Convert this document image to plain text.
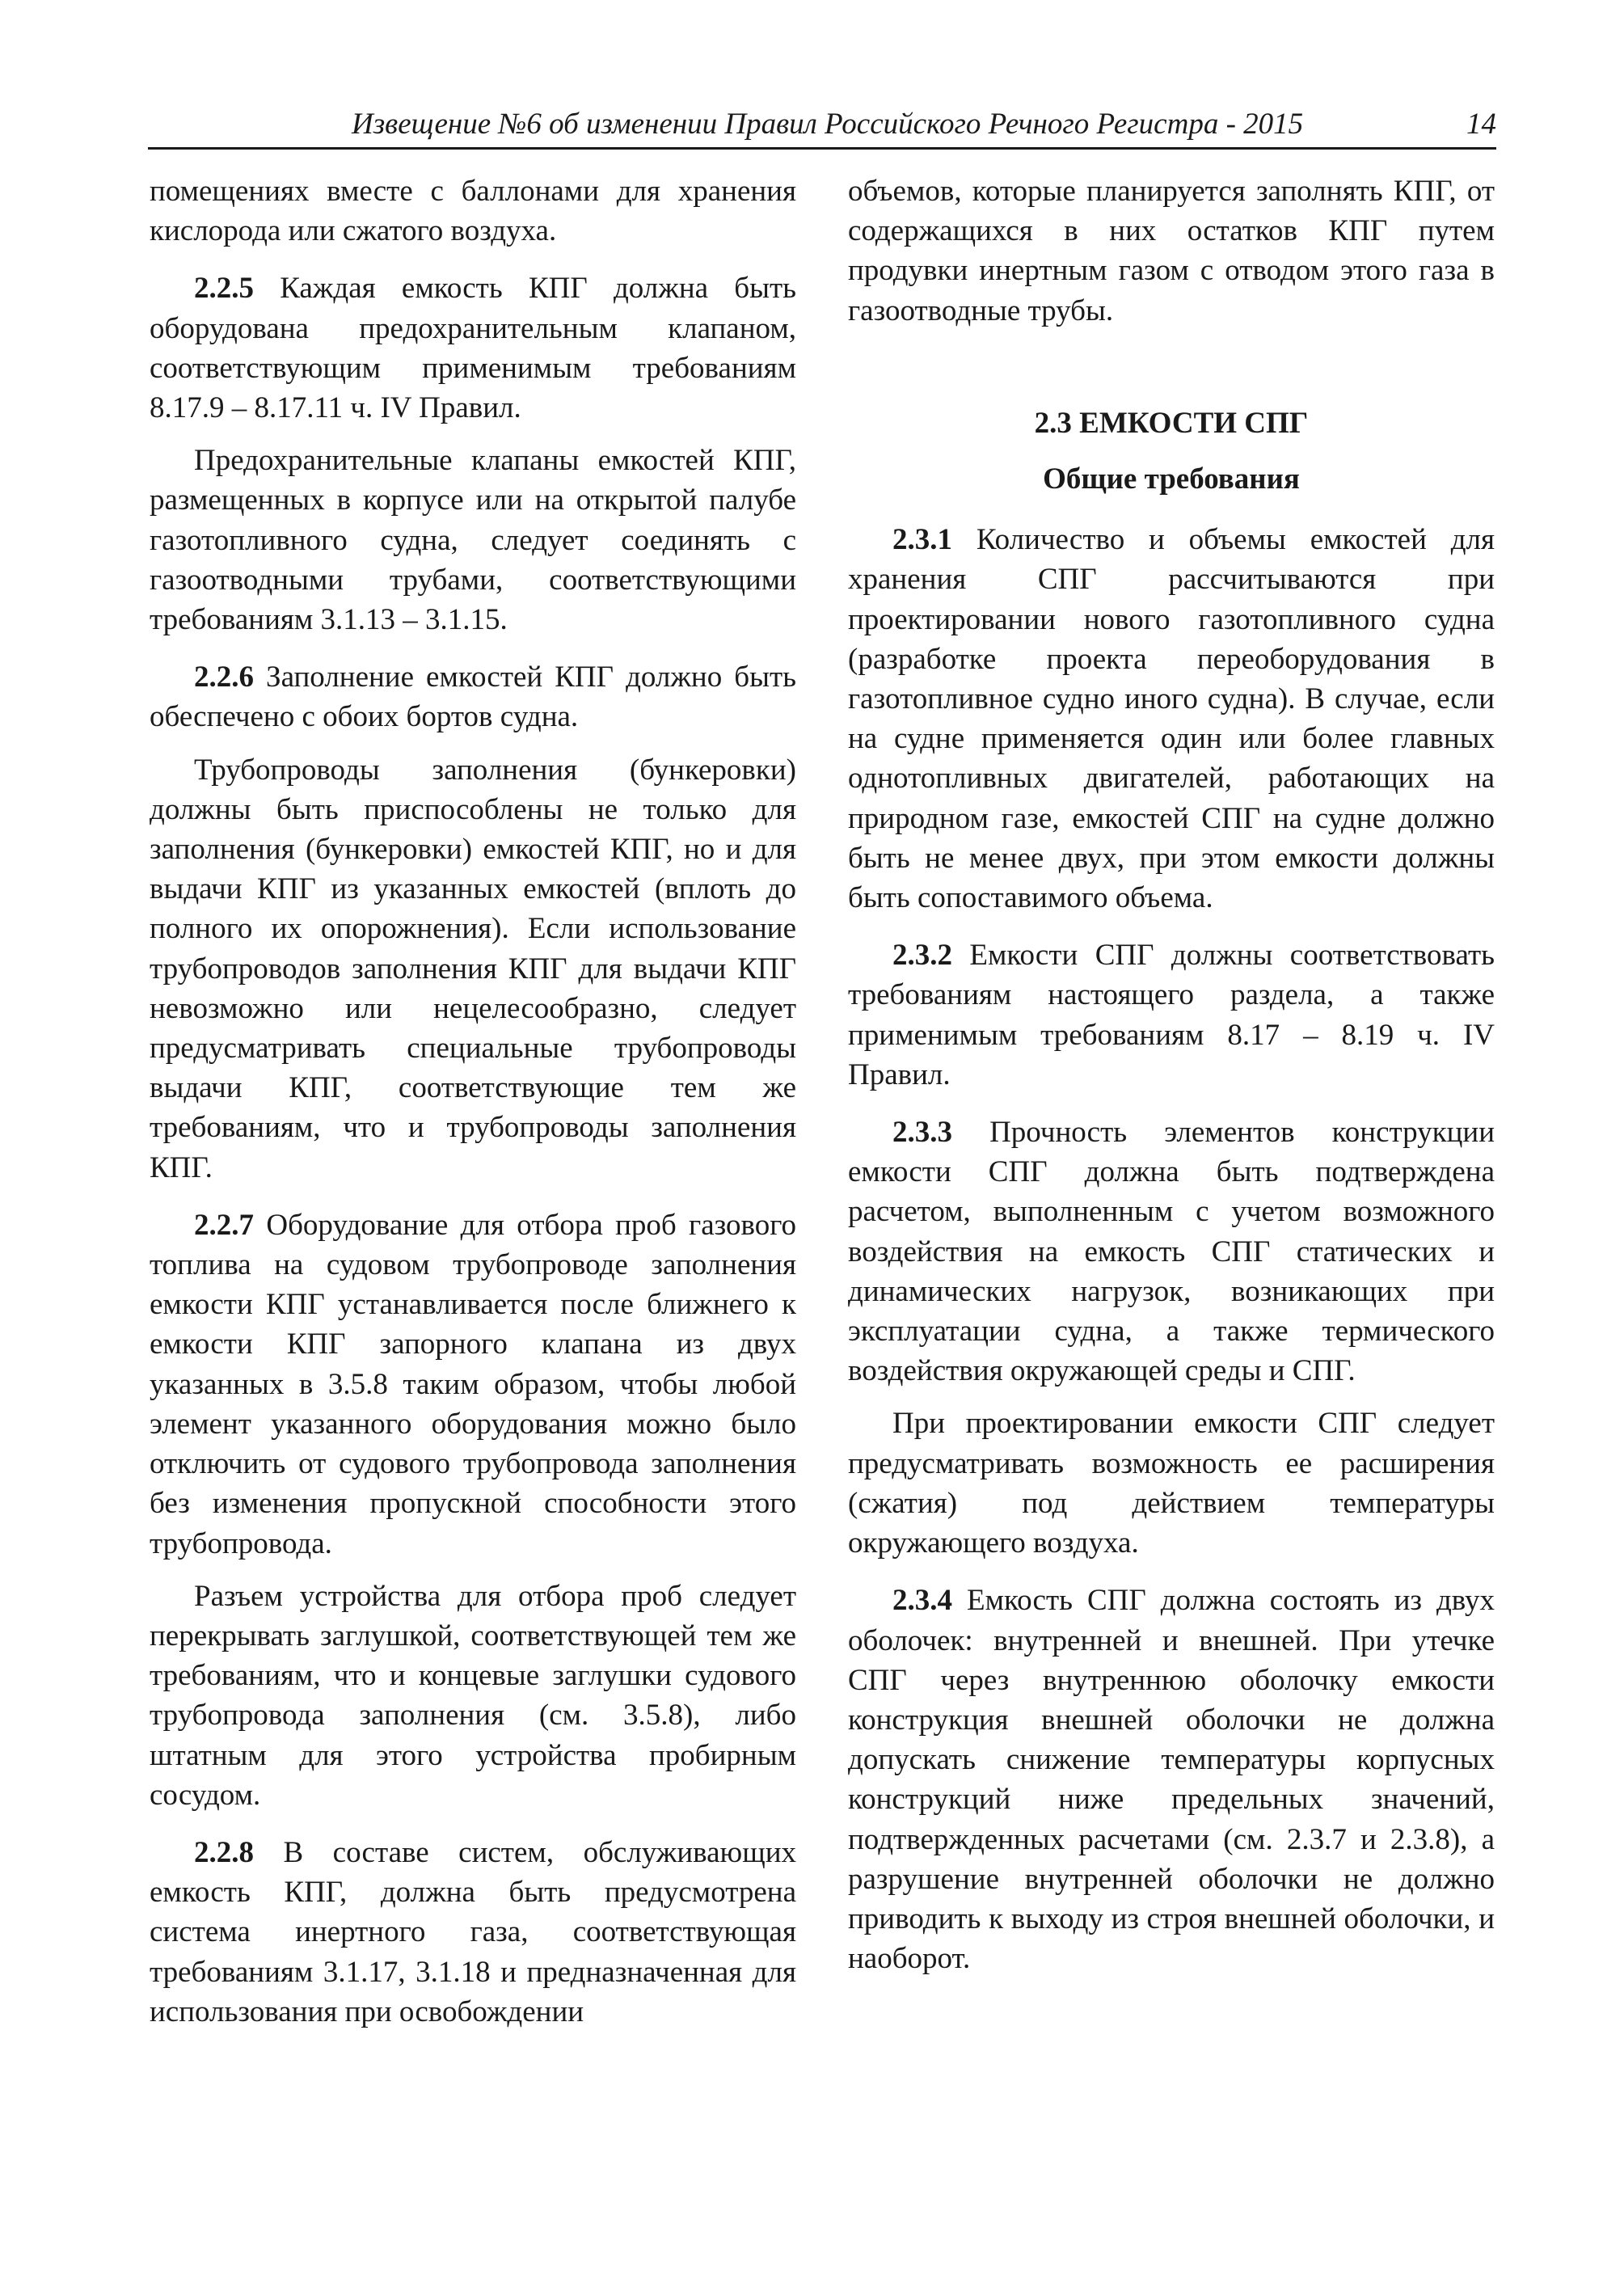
Извещение №6 об изменении Правил Российского Речного Регистра - 2015	14

помещениях вместе с баллонами для хранения кислорода или сжатого воздуха.

2.2.5 Каждая емкость КПГ должна быть оборудована предохранительным клапаном, соответствующим применимым требованиям 8.17.9 – 8.17.11 ч. IV Правил.

Предохранительные клапаны емкостей КПГ, размещенных в корпусе или на открытой палубе газотопливного судна, следует соединять с газоотводными трубами, соответствующими требованиям 3.1.13 – 3.1.15.

2.2.6 Заполнение емкостей КПГ должно быть обеспечено с обоих бортов судна.

Трубопроводы заполнения (бункеровки) должны быть приспособлены не только для заполнения (бункеровки) емкостей КПГ, но и для выдачи КПГ из указанных емкостей (вплоть до полного их опорожнения). Если использование трубопроводов заполнения КПГ для выдачи КПГ невозможно или нецелесообразно, следует предусматривать специальные трубопроводы выдачи КПГ, соответствующие тем же требованиям, что и трубопроводы заполнения КПГ.

2.2.7 Оборудование для отбора проб газового топлива на судовом трубопроводе заполнения емкости КПГ устанавливается после ближнего к емкости КПГ запорного клапана из двух указанных в 3.5.8 таким образом, чтобы любой элемент указанного оборудования можно было отключить от судового трубопровода заполнения без изменения пропускной способности этого трубопровода.

Разъем устройства для отбора проб следует перекрывать заглушкой, соответствующей тем же требованиям, что и концевые заглушки судового трубопровода заполнения (см. 3.5.8), либо штатным для этого устройства пробирным сосудом.

2.2.8 В составе систем, обслуживающих емкость КПГ, должна быть предусмотрена система инертного газа, соответствующая требованиям 3.1.17, 3.1.18 и предназначенная для использования при освобождении

объемов, которые планируется заполнять КПГ, от содержащихся в них остатков КПГ путем продувки инертным газом с отводом этого газа в газоотводные трубы.

2.3 ЕМКОСТИ СПГ

Общие требования

2.3.1 Количество и объемы емкостей для хранения СПГ рассчитываются при проектировании нового газотопливного судна (разработке проекта переоборудования в газотопливное судно иного судна). В случае, если на судне применяется один или более главных однотопливных двигателей, работающих на природном газе, емкостей СПГ на судне должно быть не менее двух, при этом емкости должны быть сопоставимого объема.

2.3.2 Емкости СПГ должны соответствовать требованиям настоящего раздела, а также применимым требованиям 8.17 – 8.19 ч. IV Правил.

2.3.3 Прочность элементов конструкции емкости СПГ должна быть подтверждена расчетом, выполненным с учетом возможного воздействия на емкость СПГ статических и динамических нагрузок, возникающих при эксплуатации судна, а также термического воздействия окружающей среды и СПГ.

При проектировании емкости СПГ следует предусматривать возможность ее расширения (сжатия) под действием температуры окружающего воздуха.

2.3.4 Емкость СПГ должна состоять из двух оболочек: внутренней и внешней. При утечке СПГ через внутреннюю оболочку емкости конструкция внешней оболочки не должна допускать снижение температуры корпусных конструкций ниже предельных значений, подтвержденных расчетами (см. 2.3.7 и 2.3.8), а разрушение внутренней оболочки не должно приводить к выходу из строя внешней оболочки, и наоборот.
